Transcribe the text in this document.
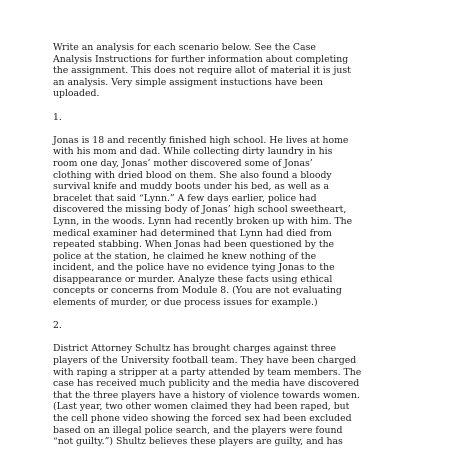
Write an analysis for each scenario below. See the Case
Analysis Instructions for further information about completing
the assignment. This does not require allot of material it is just
an analysis. Very simple assigment instuctions have been
uploaded.
1.
Jonas is 18 and recently finished high school. He lives at home
with his mom and dad. While collecting dirty laundry in his
room one day, Jonas’ mother discovered some of Jonas’
clothing with dried blood on them. She also found a bloody
survival knife and muddy boots under his bed, as well as a
bracelet that said “Lynn.” A few days earlier, police had
discovered the missing body of Jonas’ high school sweetheart,
Lynn, in the woods. Lynn had recently broken up with him. The
medical examiner had determined that Lynn had died from
repeated stabbing. When Jonas had been questioned by the
police at the station, he claimed he knew nothing of the
incident, and the police have no evidence tying Jonas to the
disappearance or murder. Analyze these facts using ethical
concepts or concerns from Module 8. (You are not evaluating
elements of murder, or due process issues for example.)
2.
District Attorney Schultz has brought charges against three
players of the University football team. They have been charged
with raping a stripper at a party attended by team members. The
case has received much publicity and the media have discovered
that the three players have a history of violence towards women.
(Last year, two other women claimed they had been raped, but
the cell phone video showing the forced sex had been excluded
based on an illegal police search, and the players were found
“not guilty.”) Shultz believes these players are guilty, and has
